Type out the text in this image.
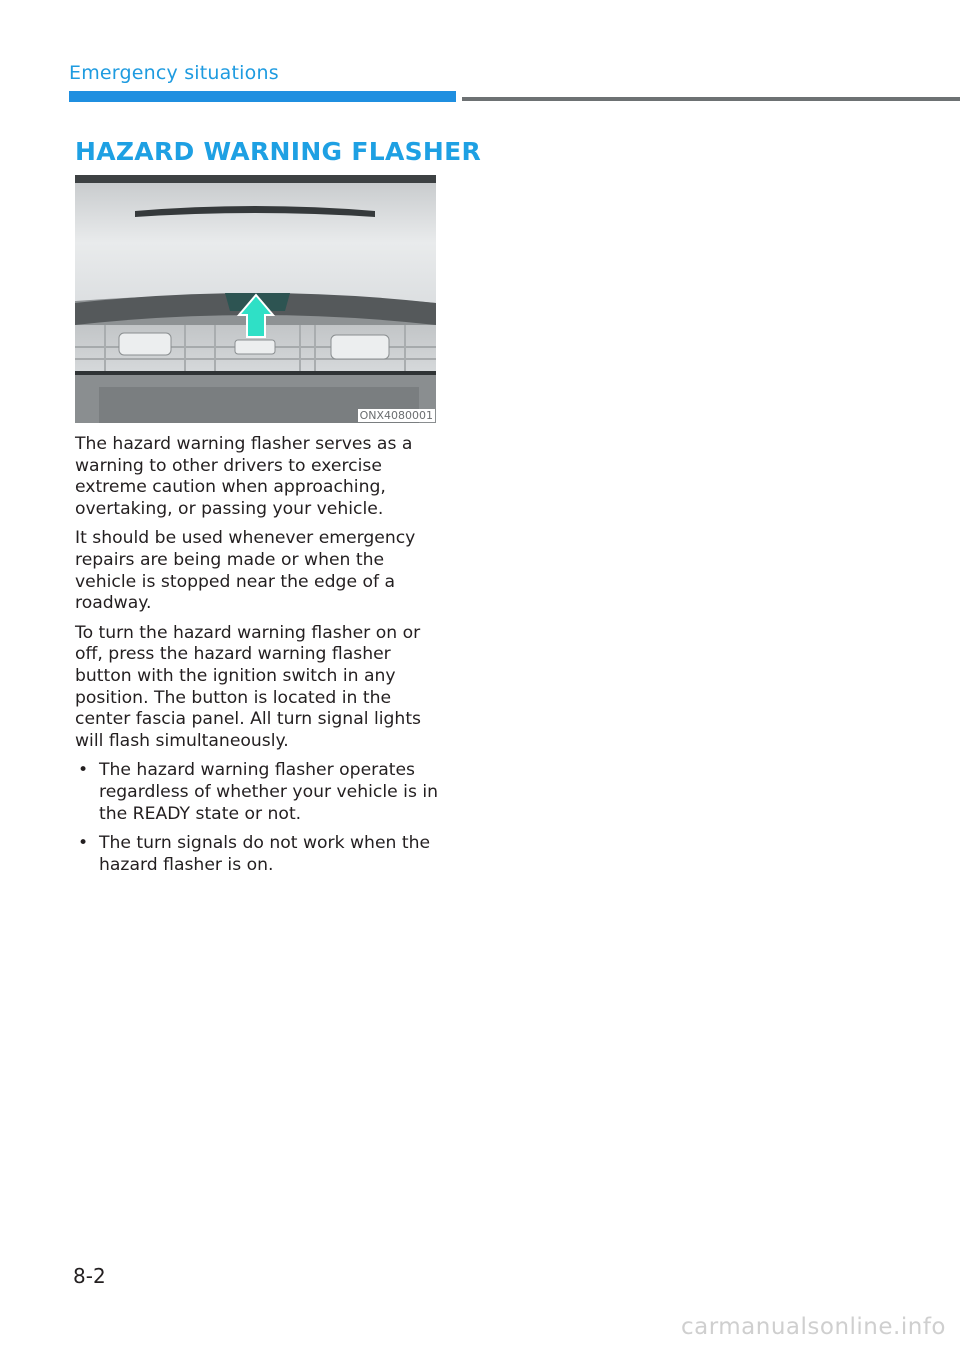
Emergency situations
HAZARD WARNING FLASHER
ONX4080001

The hazard warning flasher serves as a warning to other drivers to exercise extreme caution when approaching, overtaking, or passing your vehicle.

It should be used whenever emergency repairs are being made or when the vehicle is stopped near the edge of a roadway.

To turn the hazard warning flasher on or off, press the hazard warning flasher button with the ignition switch in any position. The button is located in the center fascia panel. All turn signal lights will flash simultaneously.

• The hazard warning flasher operates regardless of whether your vehicle is in the READY state or not.
• The turn signals do not work when the hazard flasher is on.
8-2
carmanualsonline.info
